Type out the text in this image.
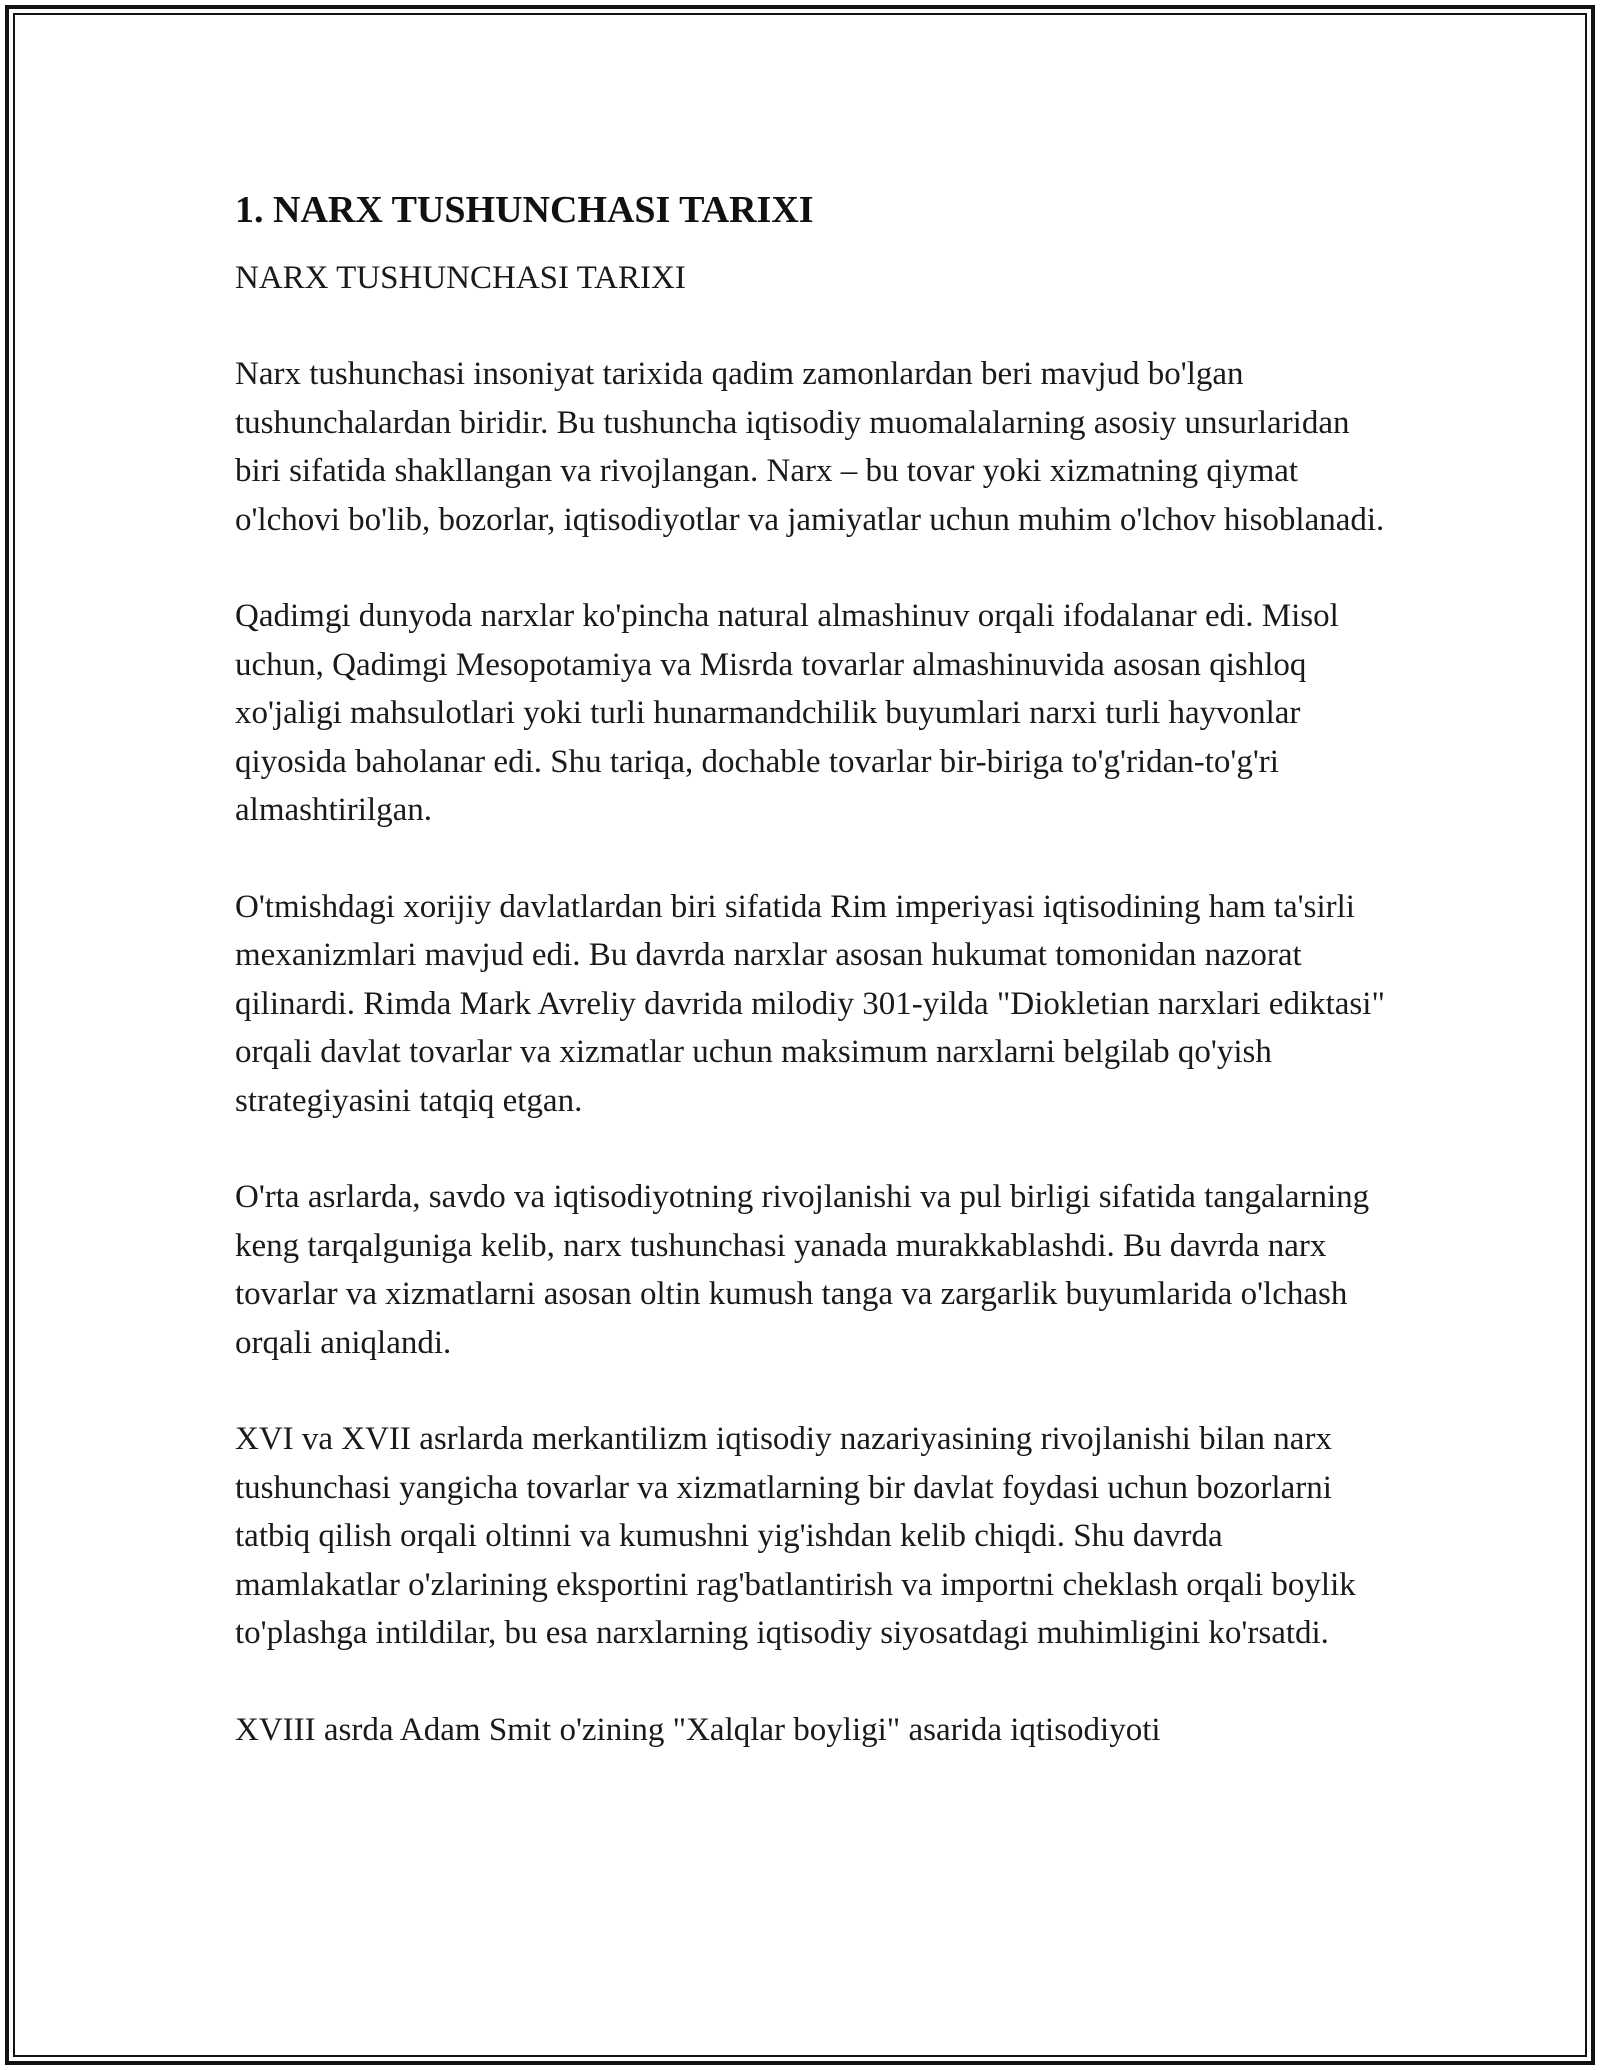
1. NARX TUSHUNCHASI TARIXI

NARX TUSHUNCHASI TARIXI

Narx tushunchasi insoniyat tarixida qadim zamonlardan beri mavjud bo'lgan tushunchalardan biridir. Bu tushuncha iqtisodiy muomalalarning asosiy unsurlaridan biri sifatida shakllangan va rivojlangan. Narx – bu tovar yoki xizmatning qiymat o'lchovi bo'lib, bozorlar, iqtisodiyotlar va jamiyatlar uchun muhim o'lchov hisoblanadi.

Qadimgi dunyoda narxlar ko'pincha natural almashinuv orqali ifodalanar edi. Misol uchun, Qadimgi Mesopotamiya va Misrda tovarlar almashinuvida asosan qishloq xo'jaligi mahsulotlari yoki turli hunarmandchilik buyumlari narxi turli hayvonlar qiyosida baholanar edi. Shu tariqa, dochable tovarlar bir-biriga to'g'ridan-to'g'ri almashtirilgan.

O'tmishdagi xorijiy davlatlardan biri sifatida Rim imperiyasi iqtisodining ham ta'sirli mexanizmlari mavjud edi. Bu davrda narxlar asosan hukumat tomonidan nazorat qilinardi. Rimda Mark Avreliy davrida milodiy 301-yilda "Diokletian narxlari ediktasi" orqali davlat tovarlar va xizmatlar uchun maksimum narxlarni belgilab qo'yish strategiyasini tatqiq etgan.

O'rta asrlarda, savdo va iqtisodiyotning rivojlanishi va pul birligi sifatida tangalarning keng tarqalguniga kelib, narx tushunchasi yanada murakkablashdi. Bu davrda narx tovarlar va xizmatlarni asosan oltin kumush tanga va zargarlik buyumlarida o'lchash orqali aniqlandi.

XVI va XVII asrlarda merkantilizm iqtisodiy nazariyasining rivojlanishi bilan narx tushunchasi yangicha tovarlar va xizmatlarning bir davlat foydasi uchun bozorlarni tatbiq qilish orqali oltinni va kumushni yig'ishdan kelib chiqdi. Shu davrda mamlakatlar o'zlarining eksportini rag'batlantirish va importni cheklash orqali boylik to'plashga intildilar, bu esa narxlarning iqtisodiy siyosatdagi muhimligini ko'rsatdi.

XVIII asrda Adam Smit o'zining "Xalqlar boyligi" asarida iqtisodiyoti
